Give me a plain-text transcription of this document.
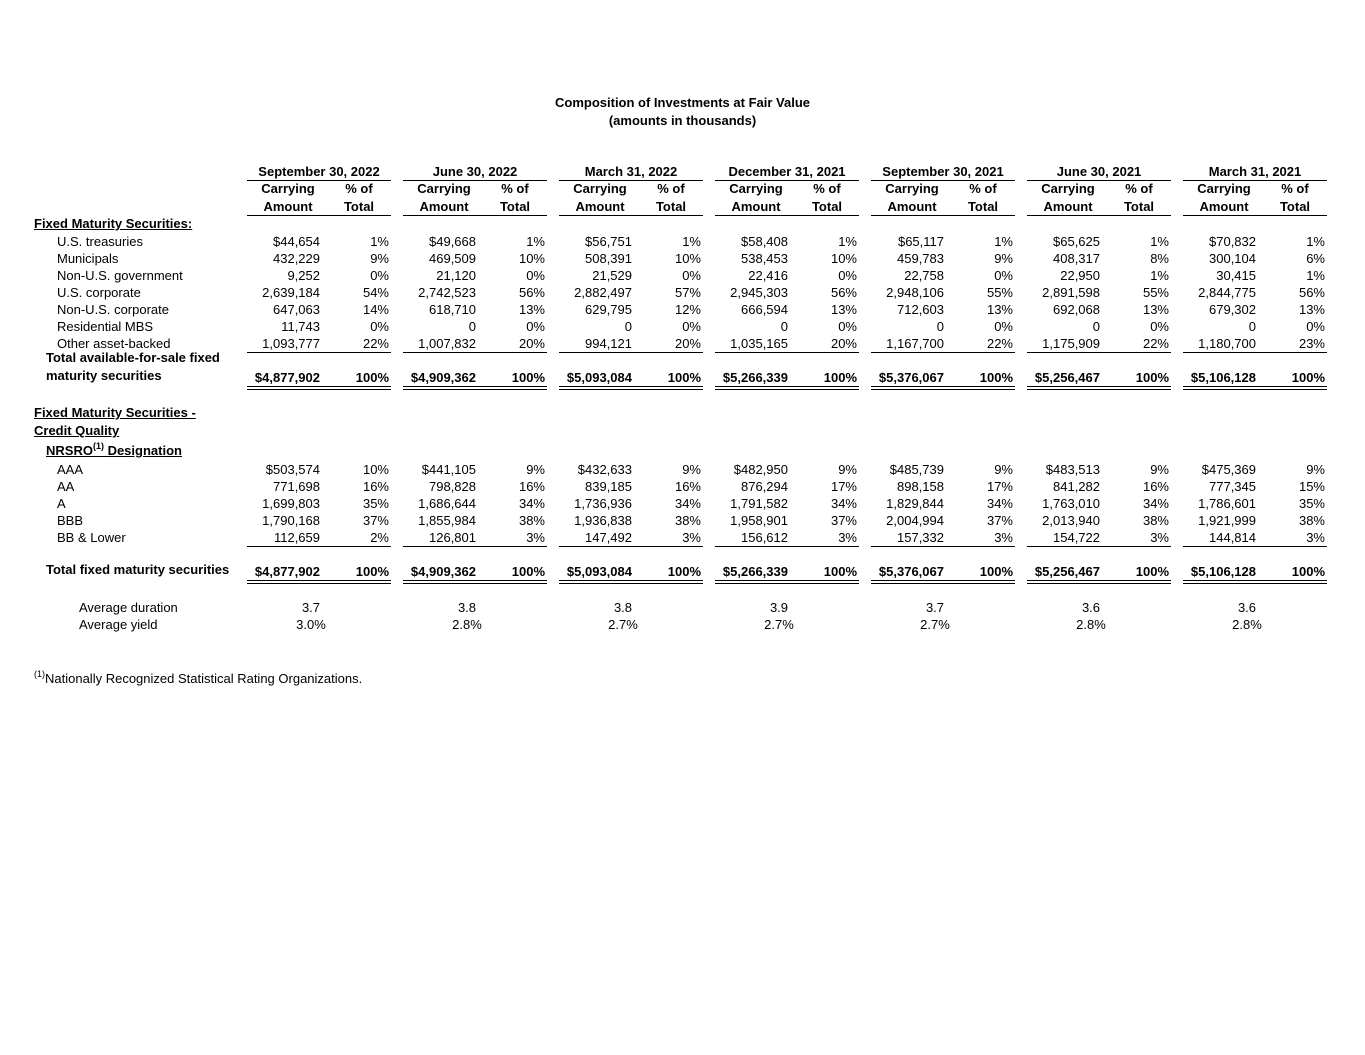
Composition of Investments at Fair Value
(amounts in thousands)
September 30, 2022
Carrying
Amount
% of
Total
June 30, 2022
Carrying
Amount
% of
Total
March 31, 2022
Carrying
Amount
% of
Total
December 31, 2021
Carrying
Amount
% of
Total
September 30, 2021
Carrying
Amount
% of
Total
June 30, 2021
Carrying
Amount
% of
Total
March 31, 2021
Carrying
Amount
% of
Total
Fixed Maturity Securities:
U.S. treasuries	$44,654	1%	$49,668	1%	$56,751	1%	$58,408	1%	$65,117	1%	$65,625	1%	$70,832	1%
Municipals	432,229	9%	469,509	10%	508,391	10%	538,453	10%	459,783	9%	408,317	8%	300,104	6%
Non-U.S. government	9,252	0%	21,120	0%	21,529	0%	22,416	0%	22,758	0%	22,950	1%	30,415	1%
U.S. corporate	2,639,184	54%	2,742,523	56%	2,882,497	57%	2,945,303	56%	2,948,106	55%	2,891,598	55%	2,844,775	56%
Non-U.S. corporate	647,063	14%	618,710	13%	629,795	12%	666,594	13%	712,603	13%	692,068	13%	679,302	13%
Residential MBS	11,743	0%	0	0%	0	0%	0	0%	0	0%	0	0%	0	0%
Other asset-backed	1,093,777	22%	1,007,832	20%	994,121	20%	1,035,165	20%	1,167,700	22%	1,175,909	22%	1,180,700	23%
Total available-for-sale fixed
maturity securities	$4,877,902	100%	$4,909,362	100%	$5,093,084	100%	$5,266,339	100%	$5,376,067	100%	$5,256,467	100%	$5,106,128	100%
Fixed Maturity Securities -
Credit Quality
NRSRO$^{(1)}$ Designation
AAA	$503,574	10%	$441,105	9%	$432,633	9%	$482,950	9%	$485,739	9%	$483,513	9%	$475,369	9%
AA	771,698	16%	798,828	16%	839,185	16%	876,294	17%	898,158	17%	841,282	16%	777,345	15%
A	1,699,803	35%	1,686,644	34%	1,736,936	34%	1,791,582	34%	1,829,844	34%	1,763,010	34%	1,786,601	35%
BBB	1,790,168	37%	1,855,984	38%	1,936,838	38%	1,958,901	37%	2,004,994	37%	2,013,940	38%	1,921,999	38%
BB & Lower	112,659	2%	126,801	3%	147,492	3%	156,612	3%	157,332	3%	154,722	3%	144,814	3%
Total fixed maturity securities	$4,877,902	100%	$4,909,362	100%	$5,093,084	100%	$5,266,339	100%	$5,376,067	100%	$5,256,467	100%	$5,106,128	100%
Average duration	3.7	3.8	3.8	3.9	3.7	3.6	3.6
Average yield	3.0%	2.8%	2.7%	2.7%	2.7%	2.8%	2.8%
$^{(1)}$Nationally Recognized Statistical Rating Organizations.
